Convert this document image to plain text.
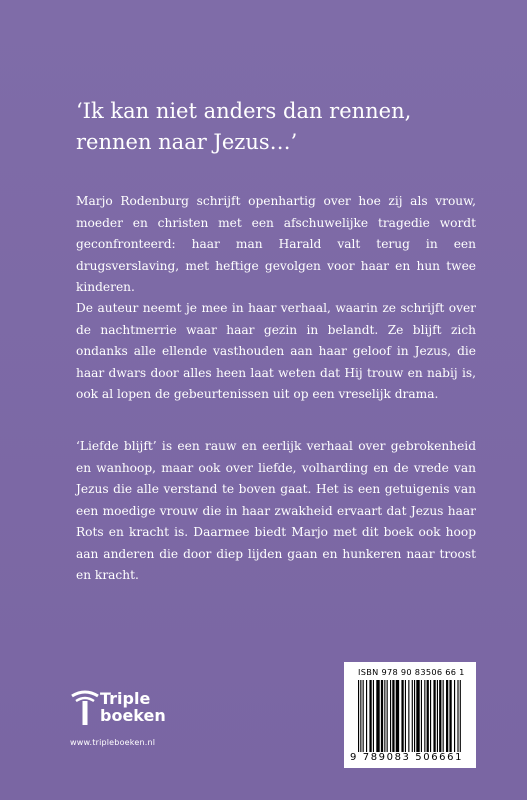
‘Ik kan niet anders dan rennen,
rennen naar Jezus…’

Marjo Rodenburg schrijft openhartig over hoe zij als vrouw, moeder en christen met een afschuwelijke tragedie wordt geconfronteerd: haar man Harald valt terug in een drugsverslaving, met heftige gevolgen voor haar en hun twee kinderen.

De auteur neemt je mee in haar verhaal, waarin ze schrijft over de nachtmerrie waar haar gezin in belandt. Ze blijft zich ondanks alle ellende vasthouden aan haar geloof in Jezus, die haar dwars door alles heen laat weten dat Hij trouw en nabij is, ook al lopen de gebeurtenissen uit op een vreselijk drama.

‘Liefde blijft’ is een rauw en eerlijk verhaal over gebrokenheid en wanhoop, maar ook over liefde, volharding en de vrede van Jezus die alle verstand te boven gaat. Het is een getuigenis van een moedige vrouw die in haar zwakheid ervaart dat Jezus haar Rots en kracht is. Daarmee biedt Marjo met dit boek ook hoop aan anderen die door diep lijden gaan en hunkeren naar troost en kracht.

Triple
boeken
www.tripleboeken.nl
ISBN 978 90 83506 66 1
9 789083 506661
